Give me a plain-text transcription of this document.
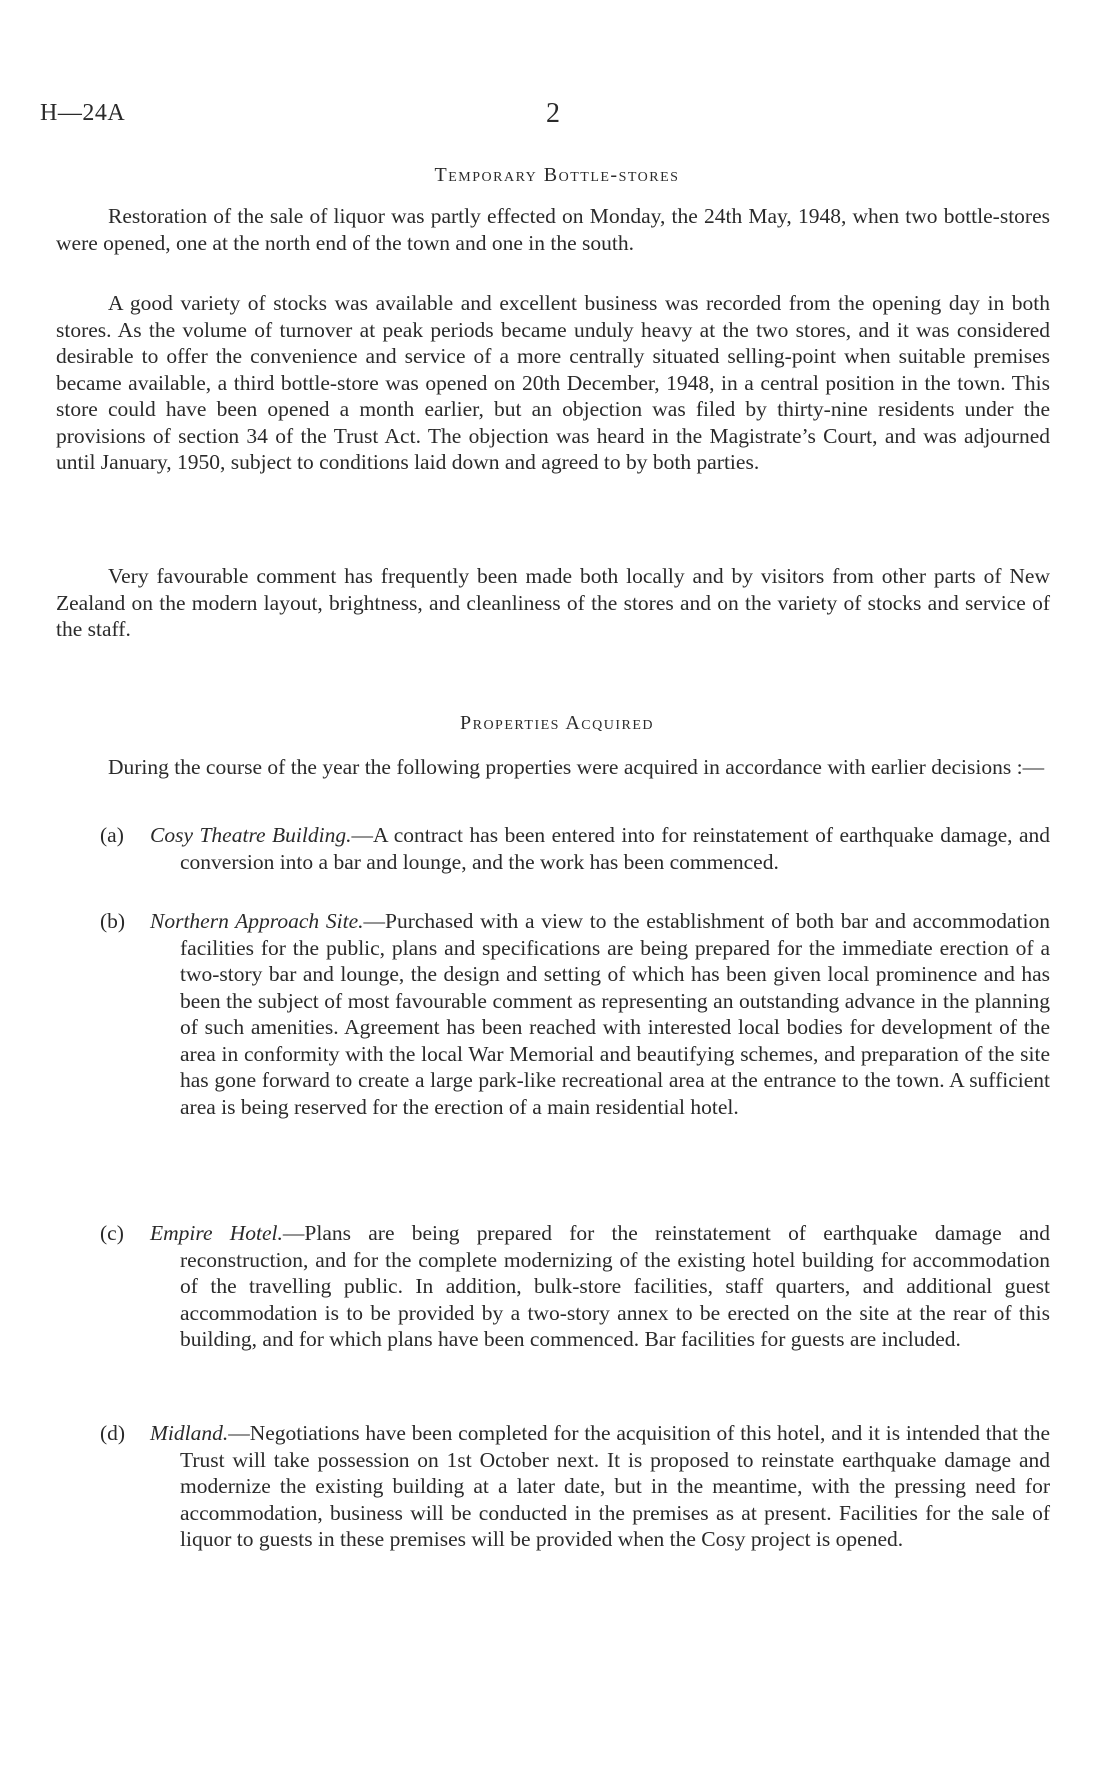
H—24A	2
Temporary Bottle-stores

Restoration of the sale of liquor was partly effected on Monday, the 24th May, 1948, when two bottle-stores were opened, one at the north end of the town and one in the south.

A good variety of stocks was available and excellent business was recorded from the opening day in both stores. As the volume of turnover at peak periods became unduly heavy at the two stores, and it was considered desirable to offer the convenience and service of a more centrally situated selling-point when suitable premises became available, a third bottle-store was opened on 20th December, 1948, in a central position in the town. This store could have been opened a month earlier, but an objection was filed by thirty-nine residents under the provisions of section 34 of the Trust Act. The objection was heard in the Magistrate’s Court, and was adjourned until January, 1950, subject to conditions laid down and agreed to by both parties.

Very favourable comment has frequently been made both locally and by visitors from other parts of New Zealand on the modern layout, brightness, and cleanliness of the stores and on the variety of stocks and service of the staff.

Properties Acquired

During the course of the year the following properties were acquired in accordance with earlier decisions :—

(a) Cosy Theatre Building.—A contract has been entered into for reinstatement of earthquake damage, and conversion into a bar and lounge, and the work has been commenced.
(b) Northern Approach Site.—Purchased with a view to the establishment of both bar and accommodation facilities for the public, plans and specifications are being prepared for the immediate erection of a two-story bar and lounge, the design and setting of which has been given local prominence and has been the subject of most favourable comment as representing an outstanding advance in the planning of such amenities. Agreement has been reached with interested local bodies for development of the area in conformity with the local War Memorial and beautifying schemes, and preparation of the site has gone forward to create a large park-like recreational area at the entrance to the town. A sufficient area is being reserved for the erection of a main residential hotel.
(c) Empire Hotel.—Plans are being prepared for the reinstatement of earthquake damage and reconstruction, and for the complete modernizing of the existing hotel building for accommodation of the travelling public. In addition, bulk-store facilities, staff quarters, and additional guest accommodation is to be provided by a two-story annex to be erected on the site at the rear of this building, and for which plans have been commenced. Bar facilities for guests are included.
(d) Midland.—Negotiations have been completed for the acquisition of this hotel, and it is intended that the Trust will take possession on 1st October next. It is proposed to reinstate earthquake damage and modernize the existing building at a later date, but in the meantime, with the pressing need for accommodation, business will be conducted in the premises as at present. Facilities for the sale of liquor to guests in these premises will be provided when the Cosy project is opened.
